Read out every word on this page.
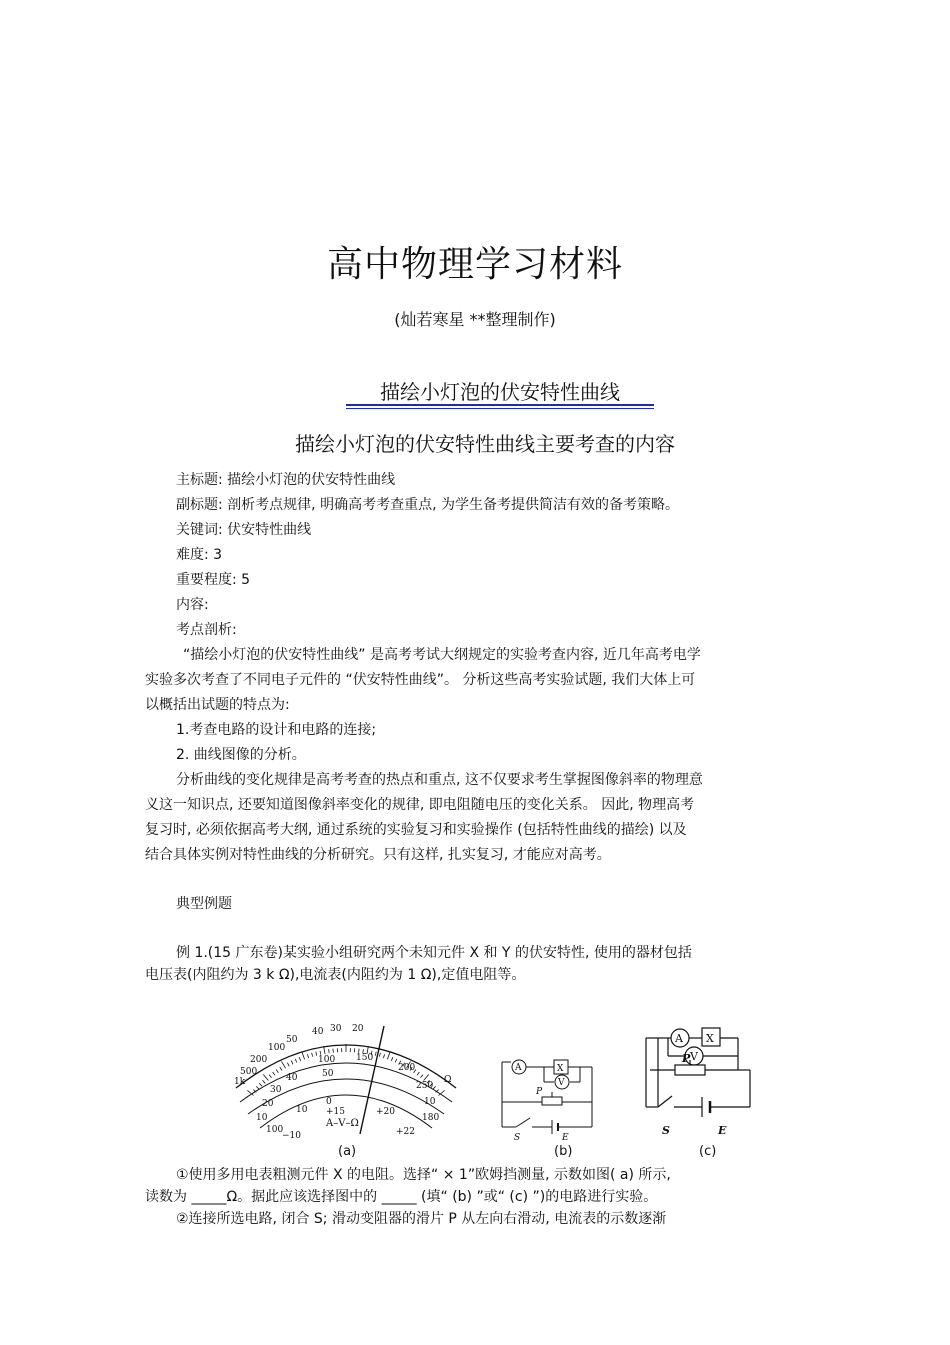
高中物理学习材料
(灿若寒星 **整理制作)
描绘小灯泡的伏安特性曲线
描绘小灯泡的伏安特性曲线主要考查的内容
主标题: 描绘小灯泡的伏安特性曲线
副标题: 剖析考点规律, 明确高考考查重点, 为学生备考提供简洁有效的备考策略。
关键词: 伏安特性曲线
难度: 3
重要程度: 5
内容:
考点剖析:
“描绘小灯泡的伏安特性曲线” 是高考考试大纲规定的实验考查内容, 近几年高考电学
实验多次考查了不同电子元件的 “伏安特性曲线”。 分析这些高考实验试题, 我们大体上可
以概括出试题的特点为:
1.考查电路的设计和电路的连接;
2. 曲线图像的分析。
分析曲线的变化规律是高考考查的热点和重点, 这不仅要求考生掌握图像斜率的物理意
义这一知识点, 还要知道图像斜率变化的规律, 即电阻随电压的变化关系。 因此, 物理高考
复习时, 必须依据高考大纲, 通过系统的实验复习和实验操作 (包括特性曲线的描绘) 以及
结合具体实例对特性曲线的分析研究。只有这样, 扎实复习, 才能应对高考。
典型例题
例 1.(15 广东卷)某实验小组研究两个未知元件 X 和 Y 的伏安特性, 使用的器材包括
电压表(内阻约为 3 k Ω),电流表(内阻约为 1 Ω),定值电阻等。
40 30 20
50
100
200
500
1k
150
100
50
40
30
20
10
200
250
10
Ω
180
0
10 +15	+20
+22
A–V–Ω
100
−10
(a)
A	X
V
P
S	E
(b)
A X
V
P
S	E
(c)
①使用多用电表粗测元件 X 的电阻。选择“ × 1”欧姆挡测量, 示数如图( a) 所示,
读数为 _____Ω。据此应该选择图中的 _____ (填“ (b) ”或“ (c) ”)的电路进行实验。
②连接所选电路, 闭合 S; 滑动变阻器的滑片 P 从左向右滑动, 电流表的示数逐渐
